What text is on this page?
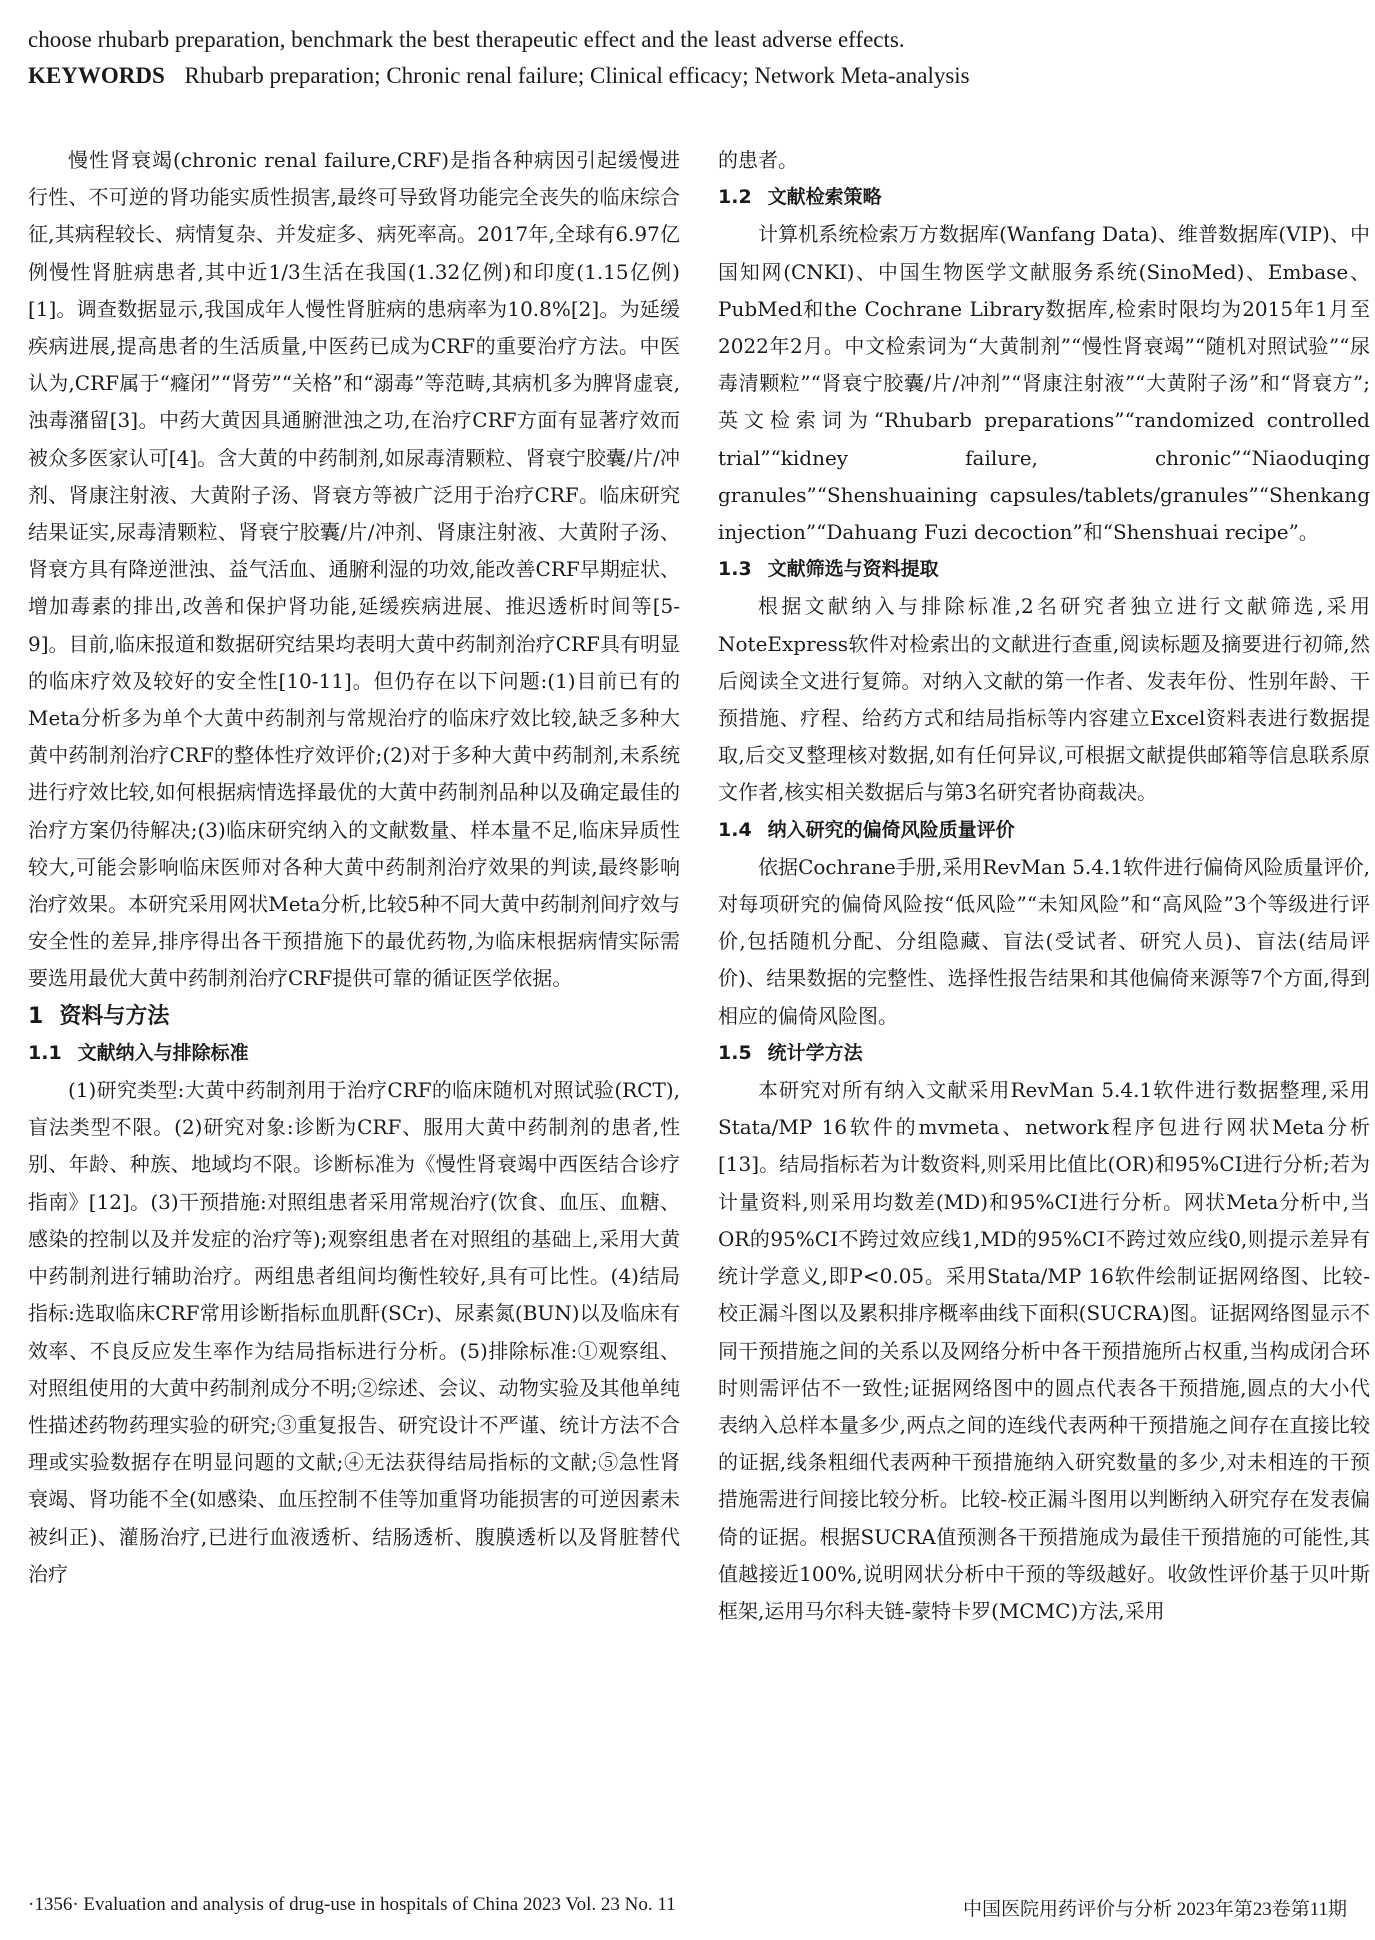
choose rhubarb preparation, benchmark the best therapeutic effect and the least adverse effects.
KEYWORDS Rhubarb preparation; Chronic renal failure; Clinical efficacy; Network Meta-analysis

慢性肾衰竭(chronic renal failure,CRF)是指各种病因引起缓慢进行性、不可逆的肾功能实质性损害,最终可导致肾功能完全丧失的临床综合征,其病程较长、病情复杂、并发症多、病死率高。2017年,全球有6.97亿例慢性肾脏病患者,其中近1/3生活在我国(1.32亿例)和印度(1.15亿例)[1]。调查数据显示,我国成年人慢性肾脏病的患病率为10.8%[2]。为延缓疾病进展,提高患者的生活质量,中医药已成为CRF的重要治疗方法。中医认为,CRF属于“癃闭”“肾劳”“关格”和“溺毒”等范畴,其病机多为脾肾虚衰,浊毒潴留[3]。中药大黄因具通腑泄浊之功,在治疗CRF方面有显著疗效而被众多医家认可[4]。含大黄的中药制剂,如尿毒清颗粒、肾衰宁胶囊/片/冲剂、肾康注射液、大黄附子汤、肾衰方等被广泛用于治疗CRF。临床研究结果证实,尿毒清颗粒、肾衰宁胶囊/片/冲剂、肾康注射液、大黄附子汤、肾衰方具有降逆泄浊、益气活血、通腑利湿的功效,能改善CRF早期症状、增加毒素的排出,改善和保护肾功能,延缓疾病进展、推迟透析时间等[5-9]。目前,临床报道和数据研究结果均表明大黄中药制剂治疗CRF具有明显的临床疗效及较好的安全性[10-11]。但仍存在以下问题:(1)目前已有的Meta分析多为单个大黄中药制剂与常规治疗的临床疗效比较,缺乏多种大黄中药制剂治疗CRF的整体性疗效评价;(2)对于多种大黄中药制剂,未系统进行疗效比较,如何根据病情选择最优的大黄中药制剂品种以及确定最佳的治疗方案仍待解决;(3)临床研究纳入的文献数量、样本量不足,临床异质性较大,可能会影响临床医师对各种大黄中药制剂治疗效果的判读,最终影响治疗效果。本研究采用网状Meta分析,比较5种不同大黄中药制剂间疗效与安全性的差异,排序得出各干预措施下的最优药物,为临床根据病情实际需要选用最优大黄中药制剂治疗CRF提供可靠的循证医学依据。

1 资料与方法
1.1 文献纳入与排除标准

(1)研究类型:大黄中药制剂用于治疗CRF的临床随机对照试验(RCT),盲法类型不限。(2)研究对象:诊断为CRF、服用大黄中药制剂的患者,性别、年龄、种族、地域均不限。诊断标准为《慢性肾衰竭中西医结合诊疗指南》[12]。(3)干预措施:对照组患者采用常规治疗(饮食、血压、血糖、感染的控制以及并发症的治疗等);观察组患者在对照组的基础上,采用大黄中药制剂进行辅助治疗。两组患者组间均衡性较好,具有可比性。(4)结局指标:选取临床CRF常用诊断指标血肌酐(SCr)、尿素氮(BUN)以及临床有效率、不良反应发生率作为结局指标进行分析。(5)排除标准:①观察组、对照组使用的大黄中药制剂成分不明;②综述、会议、动物实验及其他单纯性描述药物药理实验的研究;③重复报告、研究设计不严谨、统计方法不合理或实验数据存在明显问题的文献;④无法获得结局指标的文献;⑤急性肾衰竭、肾功能不全(如感染、血压控制不佳等加重肾功能损害的可逆因素未被纠正)、灌肠治疗,已进行血液透析、结肠透析、腹膜透析以及肾脏替代治疗

的患者。

1.2 文献检索策略

计算机系统检索万方数据库(Wanfang Data)、维普数据库(VIP)、中国知网(CNKI)、中国生物医学文献服务系统(SinoMed)、Embase、PubMed和the Cochrane Library数据库,检索时限均为2015年1月至2022年2月。中文检索词为“大黄制剂”“慢性肾衰竭”“随机对照试验”“尿毒清颗粒”“肾衰宁胶囊/片/冲剂”“肾康注射液”“大黄附子汤”和“肾衰方”;英文检索词为“Rhubarb preparations”“randomized controlled trial”“kidney failure, chronic”“Niaoduqing granules”“Shenshuaining capsules/tablets/granules”“Shenkang injection”“Dahuang Fuzi decoction”和“Shenshuai recipe”。

1.3 文献筛选与资料提取

根据文献纳入与排除标准,2名研究者独立进行文献筛选,采用NoteExpress软件对检索出的文献进行查重,阅读标题及摘要进行初筛,然后阅读全文进行复筛。对纳入文献的第一作者、发表年份、性别年龄、干预措施、疗程、给药方式和结局指标等内容建立Excel资料表进行数据提取,后交叉整理核对数据,如有任何异议,可根据文献提供邮箱等信息联系原文作者,核实相关数据后与第3名研究者协商裁决。

1.4 纳入研究的偏倚风险质量评价

依据Cochrane手册,采用RevMan 5.4.1软件进行偏倚风险质量评价,对每项研究的偏倚风险按“低风险”“未知风险”和“高风险”3个等级进行评价,包括随机分配、分组隐藏、盲法(受试者、研究人员)、盲法(结局评价)、结果数据的完整性、选择性报告结果和其他偏倚来源等7个方面,得到相应的偏倚风险图。

1.5 统计学方法

本研究对所有纳入文献采用RevMan 5.4.1软件进行数据整理,采用Stata/MP 16软件的mvmeta、network程序包进行网状Meta分析[13]。结局指标若为计数资料,则采用比值比(OR)和95%CI进行分析;若为计量资料,则采用均数差(MD)和95%CI进行分析。网状Meta分析中,当OR的95%CI不跨过效应线1,MD的95%CI不跨过效应线0,则提示差异有统计学意义,即P<0.05。采用Stata/MP 16软件绘制证据网络图、比较-校正漏斗图以及累积排序概率曲线下面积(SUCRA)图。证据网络图显示不同干预措施之间的关系以及网络分析中各干预措施所占权重,当构成闭合环时则需评估不一致性;证据网络图中的圆点代表各干预措施,圆点的大小代表纳入总样本量多少,两点之间的连线代表两种干预措施之间存在直接比较的证据,线条粗细代表两种干预措施纳入研究数量的多少,对未相连的干预措施需进行间接比较分析。比较-校正漏斗图用以判断纳入研究存在发表偏倚的证据。根据SUCRA值预测各干预措施成为最佳干预措施的可能性,其值越接近100%,说明网状分析中干预的等级越好。收敛性评价基于贝叶斯框架,运用马尔科夫链-蒙特卡罗(MCMC)方法,采用

·1356· Evaluation and analysis of drug-use in hospitals of China 2023 Vol. 23 No. 11	中国医院用药评价与分析 2023年第23卷第11期
